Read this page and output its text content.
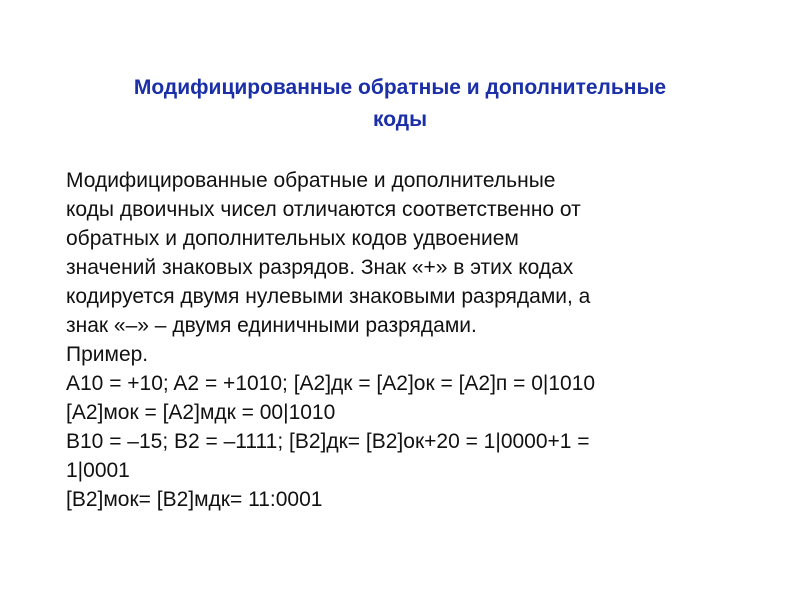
Модифицированные обратные и дополнительные
коды
Модифицированные обратные и дополнительные
коды двоичных чисел отличаются соответственно от
обратных и дополнительных кодов удвоением
значений знаковых разрядов. Знак «+» в этих кодах
кодируется двумя нулевыми знаковыми разрядами, а
знак «–» – двумя единичными разрядами.
Пример.
A10 = +10; A2 = +1010; [A2]дк = [A2]ок = [A2]п = 0|1010
[A2]мок = [A2]мдк = 00|1010
B10 = –15; B2 = –1111; [B2]дк= [B2]ок+20 = 1|0000+1 =
1|0001
[B2]мок= [B2]мдк= 11:0001
